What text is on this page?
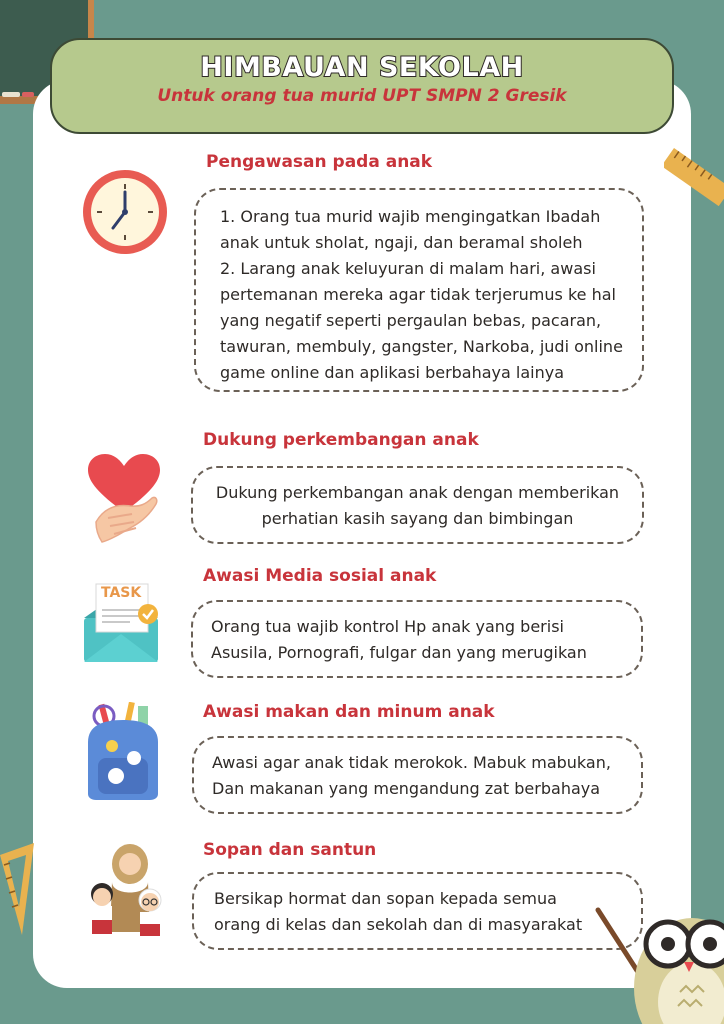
HIMBAUAN SEKOLAH
Untuk orang tua murid UPT SMPN 2 Gresik
Pengawasan pada anak

1. Orang tua murid wajib mengingatkan Ibadah

anak untuk sholat, ngaji, dan beramal sholeh

2. Larang anak keluyuran di malam hari, awasi

pertemanan mereka agar tidak terjerumus ke hal

yang negatif seperti pergaulan bebas, pacaran,

tawuran, membuly, gangster, Narkoba, judi online

game online dan aplikasi berbahaya lainya

Dukung perkembangan anak

Dukung perkembangan anak dengan memberikan

perhatian kasih sayang dan bimbingan

Awasi Media sosial anak
TASK

Orang tua wajib kontrol Hp anak yang berisi

Asusila, Pornografi, fulgar dan yang merugikan

Awasi makan dan minum anak

Awasi agar anak tidak merokok. Mabuk mabukan,

Dan makanan yang mengandung zat berbahaya

Sopan dan santun

Bersikap hormat dan sopan kepada semua

orang di kelas dan sekolah dan di masyarakat
